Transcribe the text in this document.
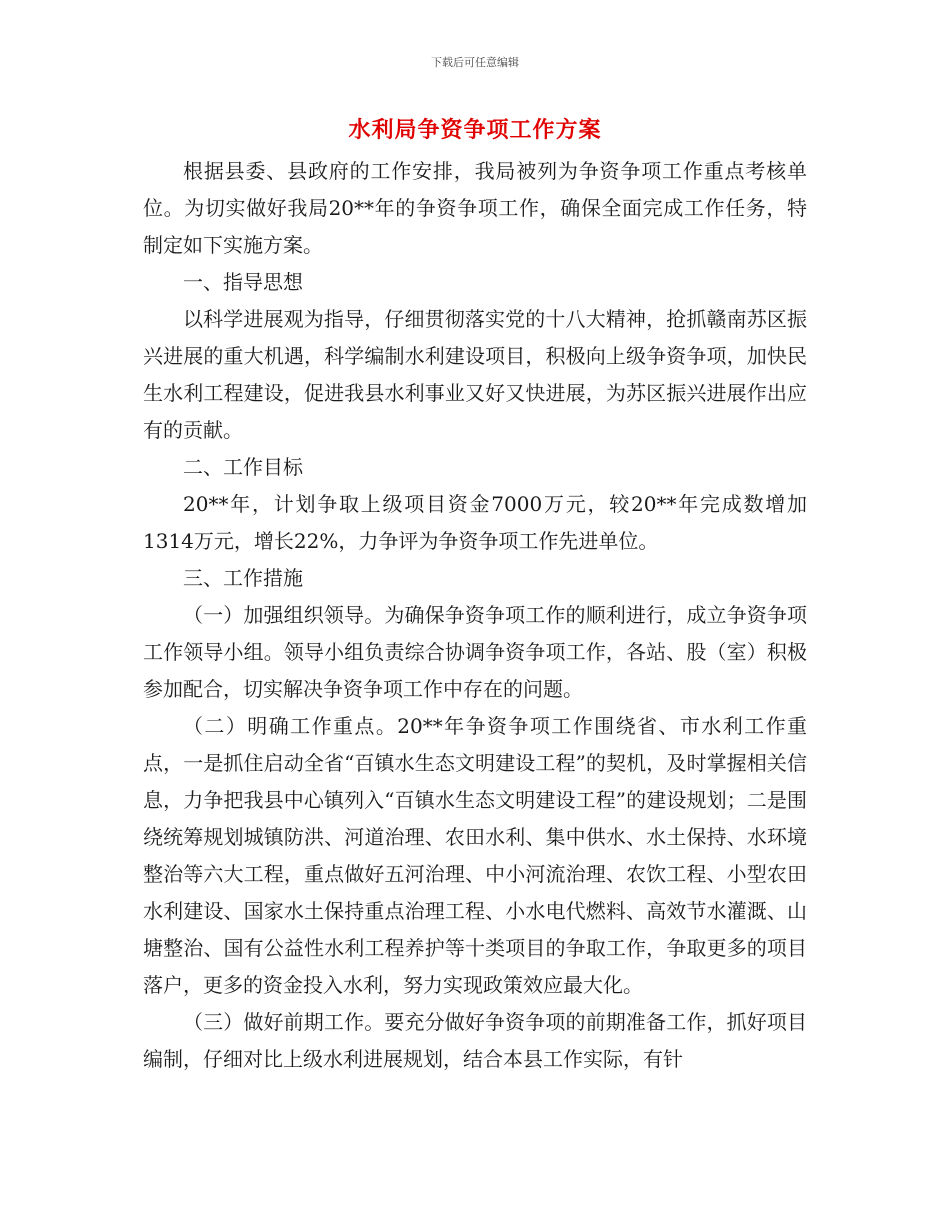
下载后可任意编辑
水利局争资争项工作方案

根据县委、县政府的工作安排，我局被列为争资争项工作重点考核单位。为切实做好我局20**年的争资争项工作，确保全面完成工作任务，特制定如下实施方案。

一、指导思想

以科学进展观为指导，仔细贯彻落实党的十八大精神，抢抓赣南苏区振兴进展的重大机遇，科学编制水利建设项目，积极向上级争资争项，加快民生水利工程建设，促进我县水利事业又好又快进展，为苏区振兴进展作出应有的贡献。

二、工作目标

20**年，计划争取上级项目资金7000万元，较20**年完成数增加1314万元，增长22%，力争评为争资争项工作先进单位。

三、工作措施

（一）加强组织领导。为确保争资争项工作的顺利进行，成立争资争项工作领导小组。领导小组负责综合协调争资争项工作，各站、股（室）积极参加配合，切实解决争资争项工作中存在的问题。

（二）明确工作重点。20**年争资争项工作围绕省、市水利工作重点，一是抓住启动全省“百镇水生态文明建设工程”的契机，及时掌握相关信息，力争把我县中心镇列入“百镇水生态文明建设工程”的建设规划；二是围绕统筹规划城镇防洪、河道治理、农田水利、集中供水、水土保持、水环境整治等六大工程，重点做好五河治理、中小河流治理、农饮工程、小型农田水利建设、国家水土保持重点治理工程、小水电代燃料、高效节水灌溉、山塘整治、国有公益性水利工程养护等十类项目的争取工作，争取更多的项目落户，更多的资金投入水利，努力实现政策效应最大化。

（三）做好前期工作。要充分做好争资争项的前期准备工作，抓好项目编制，仔细对比上级水利进展规划，结合本县工作实际，有针
